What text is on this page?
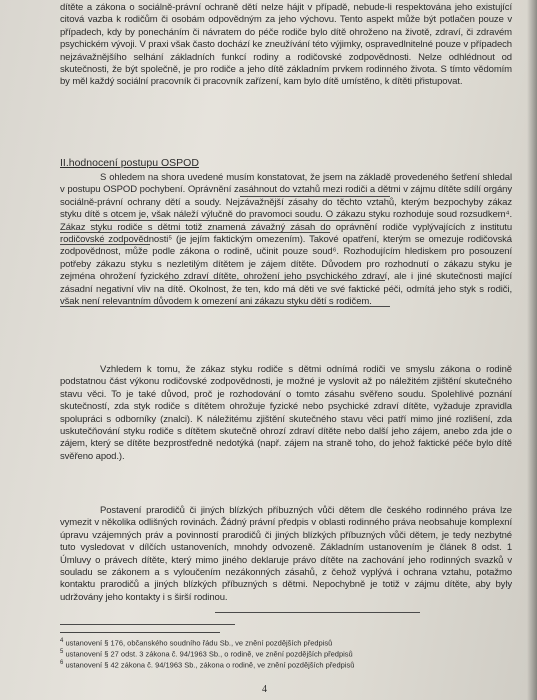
dítěte a zákona o sociálně-právní ochraně dětí nelze hájit v případě, nebude-li respektována jeho existující citová vazba k rodičům či osobám odpovědným za jeho výchovu. Tento aspekt může být potlačen pouze v případech, kdy by ponecháním či návratem do péče rodiče bylo dítě ohroženo na životě, zdraví, či zdravém psychickém vývoji. V praxi však často dochází ke zneužívání této výjimky, ospravedlnitelné pouze v případech nejzávažnějšího selhání základních funkcí rodiny a rodičovské zodpovědnosti. Nelze odhlédnout od skutečnosti, že být společně, je pro rodiče a jeho dítě základním prvkem rodinného života. S tímto vědomím by měl každý sociální pracovník či pracovník zařízení, kam bylo dítě umístěno, k dítěti přistupovat.

II.hodnocení postupu OSPOD

S ohledem na shora uvedené musím konstatovat, že jsem na základě provedeného šetření shledal v postupu OSPOD pochybení. Oprávnění zasáhnout do vztahů mezi rodiči a dětmi v zájmu dítěte sdílí orgány sociálně-právní ochrany dětí a soudy. Nejzávažnější zásahy do těchto vztahů, kterým bezpochyby zákaz styku dítě s otcem je, však náleží výlučně do pravomoci soudu. O zákazu styku rozhoduje soud rozsudkem⁴. Zákaz styku rodiče s dětmi totiž znamená závažný zásah do oprávnění rodiče vyplývajících z institutu rodičovské zodpovědnosti⁵ (je jejím faktickým omezením). Takové opatření, kterým se omezuje rodičovská zodpovědnost, může podle zákona o rodině, učinit pouze soud⁶. Rozhodujícím hlediskem pro posouzení potřeby zákazu styku s nezletilým dítětem je zájem dítěte. Důvodem pro rozhodnutí o zákazu styku je zejména ohrožení fyzického zdraví dítěte, ohrožení jeho psychického zdraví, ale i jiné skutečnosti mající zásadní negativní vliv na dítě. Okolnost, že ten, kdo má děti ve své faktické péči, odmítá jeho styk s rodiči, však není relevantním důvodem k omezení ani zákazu styku dětí s rodičem.

Vzhledem k tomu, že zákaz styku rodiče s dětmi odnímá rodiči ve smyslu zákona o rodině podstatnou část výkonu rodičovské zodpovědnosti, je možné je vyslovit až po náležitém zjištění skutečného stavu věci. To je také důvod, proč je rozhodování o tomto zásahu svěřeno soudu. Spolehlivé poznání skutečností, zda styk rodiče s dítětem ohrožuje fyzické nebo psychické zdraví dítěte, vyžaduje zpravidla spolupráci s odborníky (znalci). K náležitému zjištění skutečného stavu věci patří mimo jiné rozlišení, zda uskutečňování styku rodiče s dítětem skutečně ohrozí zdraví dítěte nebo další jeho zájem, anebo zda jde o zájem, který se dítěte bezprostředně nedotýká (např. zájem na straně toho, do jehož faktické péče bylo dítě svěřeno apod.).

Postavení prarodičů či jiných blízkých příbuzných vůči dětem dle českého rodinného práva lze vymezit v několika odlišných rovinách. Žádný právní předpis v oblasti rodinného práva neobsahuje komplexní úpravu vzájemných práv a povinností prarodičů či jiných blízkých příbuzných vůči dětem, je tedy nezbytné tuto vysledovat v dílčích ustanoveních, mnohdy odvozeně. Základním ustanovením je článek 8 odst. 1 Úmluvy o právech dítěte, který mimo jiného deklaruje právo dítěte na zachování jeho rodinných svazků v souladu se zákonem a s vyloučením nezákonných zásahů, z čehož vyplývá i ochrana vztahu, potažmo kontaktu prarodičů a jiných blízkých příbuzných s dětmi. Nepochybně je totiž v zájmu dítěte, aby byly udržovány jeho kontakty i s širší rodinou.

$^4$ ustanovení § 176, občanského soudního řádu Sb., ve znění pozdějších předpisů

$^5$ ustanovení § 27 odst. 3 zákona č. 94/1963 Sb., o rodině, ve znění pozdějších předpisů

$^6$ ustanovení § 42 zákona č. 94/1963 Sb., zákona o rodině, ve znění pozdějších předpisů

4
